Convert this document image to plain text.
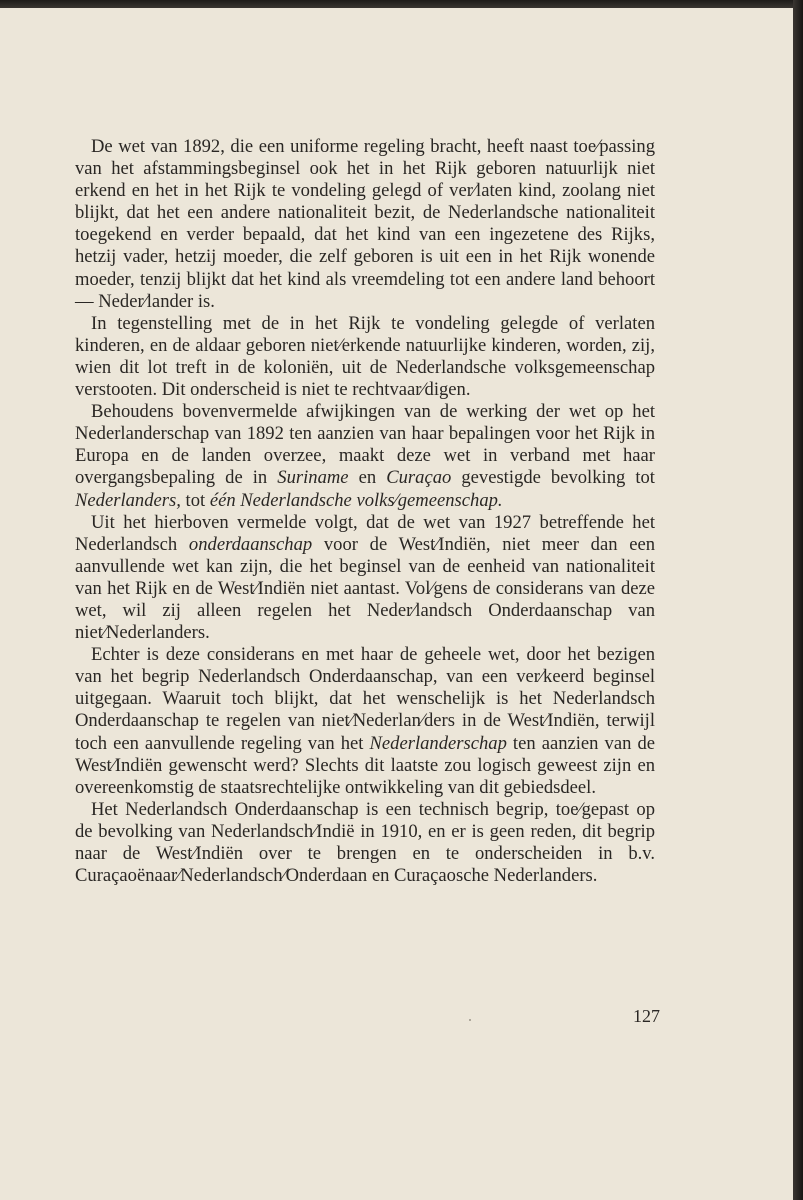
De wet van 1892, die een uniforme regeling bracht, heeft naast toe⁄passing van het afstammingsbeginsel ook het in het Rijk geboren natuurlijk niet erkend en het in het Rijk te vondeling gelegd of ver⁄laten kind, zoolang niet blijkt, dat het een andere nationaliteit bezit, de Nederlandsche nationaliteit toegekend en verder bepaald, dat het kind van een ingezetene des Rijks, hetzij vader, hetzij moeder, die zelf geboren is uit een in het Rijk wonende moeder, tenzij blijkt dat het kind als vreemdeling tot een andere land behoort — Neder⁄lander is.

In tegenstelling met de in het Rijk te vondeling gelegde of verlaten kinderen, en de aldaar geboren niet⁄erkende natuurlijke kinderen, worden, zij, wien dit lot treft in de koloniën, uit de Nederlandsche volksgemeenschap verstooten. Dit onderscheid is niet te rechtvaar⁄digen.

Behoudens bovenvermelde afwijkingen van de werking der wet op het Nederlanderschap van 1892 ten aanzien van haar bepalingen voor het Rijk in Europa en de landen overzee, maakt deze wet in verband met haar overgangsbepaling de in Suriname en Curaçao gevestigde bevolking tot Nederlanders, tot één Nederlandsche volks⁄gemeenschap.

Uit het hierboven vermelde volgt, dat de wet van 1927 betreffende het Nederlandsch onderdaanschap voor de West⁄Indiën, niet meer dan een aanvullende wet kan zijn, die het beginsel van de eenheid van nationaliteit van het Rijk en de West⁄Indiën niet aantast. Vol⁄gens de considerans van deze wet, wil zij alleen regelen het Neder⁄landsch Onderdaanschap van niet⁄Nederlanders.

Echter is deze considerans en met haar de geheele wet, door het bezigen van het begrip Nederlandsch Onderdaanschap, van een ver⁄keerd beginsel uitgegaan. Waaruit toch blijkt, dat het wenschelijk is het Nederlandsch Onderdaanschap te regelen van niet⁄Nederlan⁄ders in de West⁄Indiën, terwijl toch een aanvullende regeling van het Nederlanderschap ten aanzien van de West⁄Indiën gewenscht werd? Slechts dit laatste zou logisch geweest zijn en overeenkomstig de staatsrechtelijke ontwikkeling van dit gebiedsdeel.

Het Nederlandsch Onderdaanschap is een technisch begrip, toe⁄gepast op de bevolking van Nederlandsch⁄Indië in 1910, en er is geen reden, dit begrip naar de West⁄Indiën over te brengen en te onderscheiden in b.v. Curaçaoënaar⁄Nederlandsch⁄Onderdaan en Curaçaosche Nederlanders.

127
